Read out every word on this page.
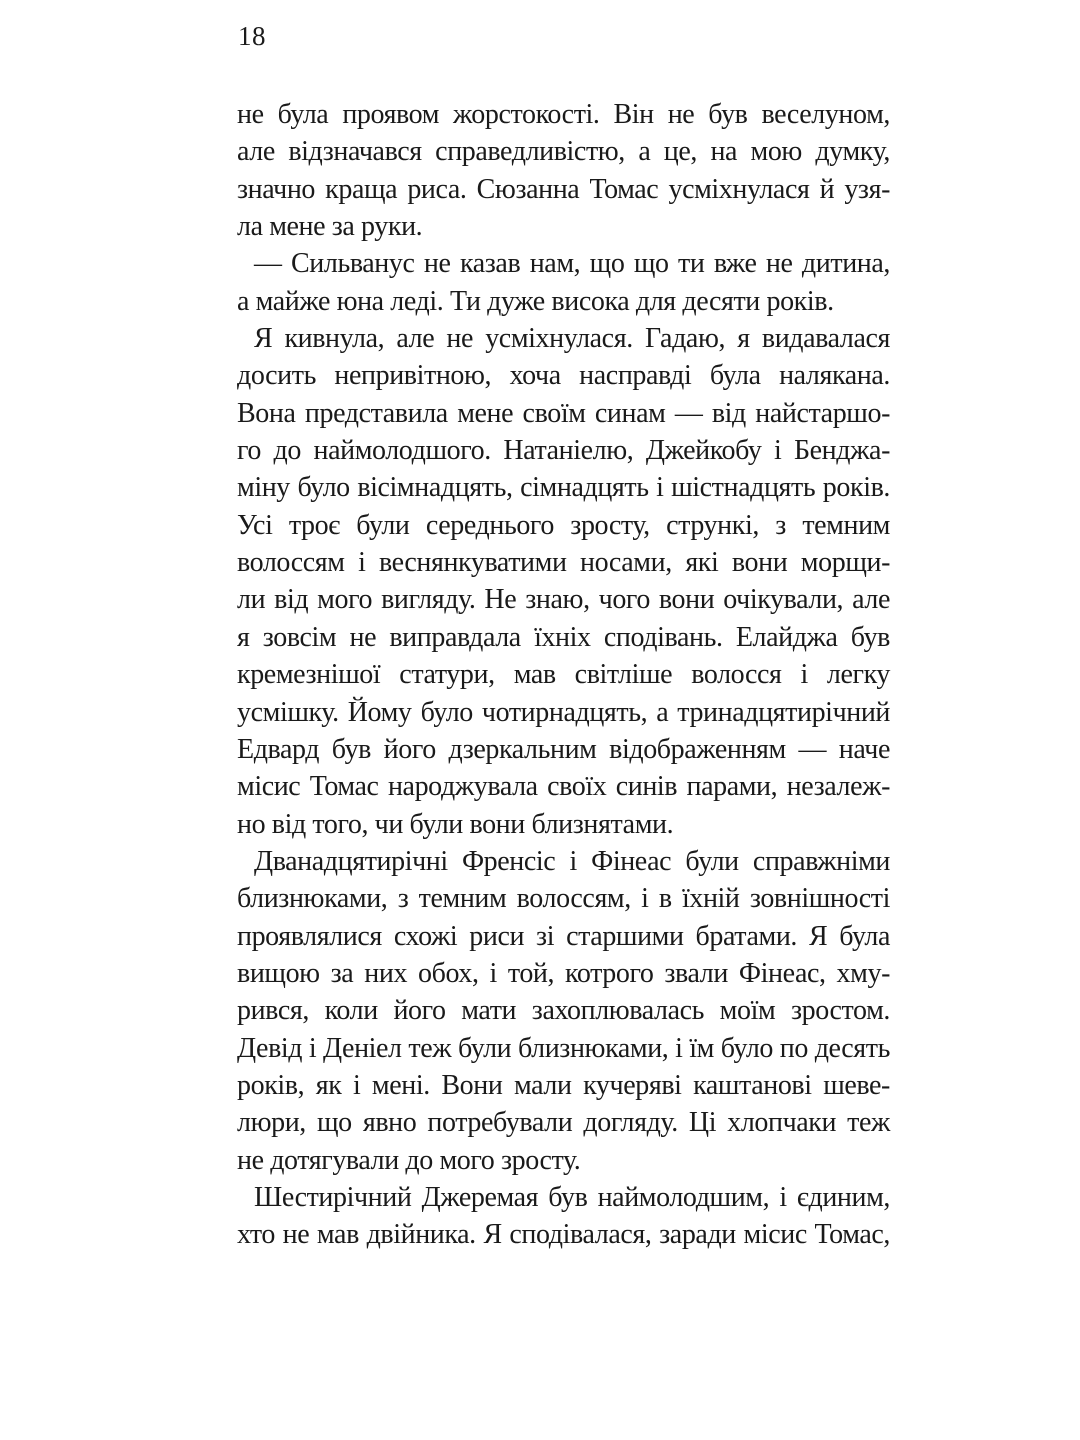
18
не була проявом жорстокості. Він не був веселуном,
але відзначався справедливістю, а це, на мою думку,
значно краща риса. Сюзанна Томас усміхнулася й узя-
ла мене за руки.
— Сильванус не казав нам, що що ти вже не дитина,
а майже юна леді. Ти дуже висока для десяти років.
Я кивнула, але не усміхнулася. Гадаю, я видавалася
досить непривітною, хоча насправді була налякана.
Вона представила мене своїм синам — від найстаршо-
го до наймолодшого. Натаніелю, Джейкобу і Бенджа-
міну було вісімнадцять, сімнадцять і шістнадцять років.
Усі троє були середнього зросту, стрункі, з темним
волоссям і веснянкуватими носами, які вони морщи-
ли від мого вигляду. Не знаю, чого вони очікували, але
я зовсім не виправдала їхніх сподівань. Елайджа був
кремезнішої статури, мав світліше волосся і легку
усмішку. Йому було чотирнадцять, а тринадцятирічний
Едвард був його дзеркальним відображенням — наче
місис Томас народжувала своїх синів парами, незалеж-
но від того, чи були вони близнятами.
Дванадцятирічні Френсіс і Фінеас були справжніми
близнюками, з темним волоссям, і в їхній зовнішності
проявлялися схожі риси зі старшими братами. Я була
вищою за них обох, і той, котрого звали Фінеас, хму-
рився, коли його мати захоплювалась моїм зростом.
Девід і Деніел теж були близнюками, і їм було по десять
років, як і мені. Вони мали кучеряві каштанові шеве-
люри, що явно потребували догляду. Ці хлопчаки теж
не дотягували до мого зросту.
Шестирічний Джеремая був наймолодшим, і єдиним,
хто не мав двійника. Я сподівалася, заради місис Томас,
